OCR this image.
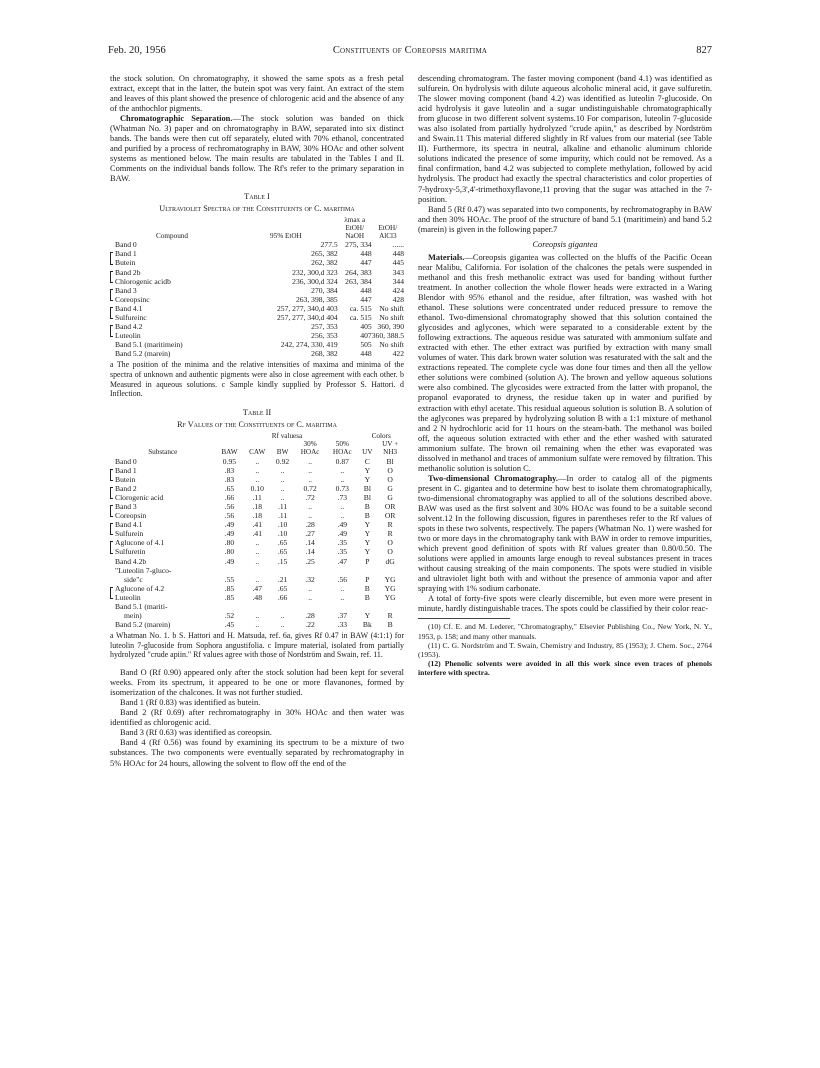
Feb. 20, 1956	Constituents of Coreopsis maritima	827

the stock solution. On chromatography, it showed the same spots as a fresh petal extract, except that in the latter, the butein spot was very faint. An extract of the stem and leaves of this plant showed the presence of chlorogenic acid and the absence of any of the anthochlor pigments.

Chromatographic Separation.—The stock solution was banded on thick (Whatman No. 3) paper and on chromatography in BAW, separated into six distinct bands. The bands were then cut off separately, eluted with 70% ethanol, concentrated and purified by a process of rechromatography in BAW, 30% HOAc and other solvent systems as mentioned below. The main results are tabulated in the Tables I and II. Comments on the individual bands follow. The Rf's refer to the primary separation in BAW.

Table I
Ultraviolet Spectra of the Constituents of C. maritima
		λmax a	
Compound	95% EtOH	EtOH/ NaOH	EtOH/ AlCl3
Band 0	277.5	275, 334	......
Band 1	265, 382	448	448
Butein	262, 382	447	445
Band 2b	232, 300,d 323	264, 383	343
Chlorogenic acidb	236, 300,d 324	263, 384	344
Band 3	270, 384	448	424
Coreopsinc	263, 398, 385	447	428
Band 4.1	257, 277, 340,d 403	ca. 515	No shift
Sulfureinc	257, 277, 340,d 404	ca. 515	No shift
Band 4.2	257, 353	405	360, 390
Luteolin	256, 353	407	360, 388.5
Band 5.1 (maritimein)	242, 274, 330, 419	505	No shift
Band 5.2 (marein)	268, 382	448	422

a The position of the minima and the relative intensities of maxima and minima of the spectra of unknown and authentic pigments were also in close agreement with each other. b Measured in aqueous solutions. c Sample kindly supplied by Professor S. Hattori. d Inflection.

Table II
Rf Values of the Constituents of C. maritima
	Rf valuesa					Colors	
				30%	50%		UV +
Substance	BAW	CAW	BW	HOAc	HOAc	UV	NH3
Band 0	0.95	..	0.92	..	0.87	C	Bl
Band 1	.83	..	..	..	..	Y	O
Butein	.83	..	..	..	..	Y	O
Band 2	.65	0.10	..	0.72	0.73	Bl	G
Clorogenic acid	.66	.11	..	.72	.73	Bl	G
Band 3	.56	.18	.11	..	..	B	OR
Coreopsin	.56	.18	.11	..	..	B	OR
Band 4.1	.49	.41	.10	.28	.49	Y	R
Sulfurein	.49	.41	.10	.27	.49	Y	R
Aglucone of 4.1	.80	..	.65	.14	.35	Y	O
Sulfuretin	.80	..	.65	.14	.35	Y	O
Band 4.2b	.49	..	.15	.25	.47	P	dG
"Luteolin 7-gluco-							
side"c	.55	..	.21	.32	.56	P	YG
Aglucone of 4.2	.85	.47	.65	..	..	B	YG
Luteolin	.85	.48	.66	..	..	B	YG
Band 5.1 (mariti-							
mein)	.52	..	..	.28	.37	Y	R
Band 5.2 (marein)	.45	..	..	.22	.33	Bk	B

a Whatman No. 1. b S. Hattori and H. Matsuda, ref. 6a, gives Rf 0.47 in BAW (4:1:1) for luteolin 7-glucoside from Sophora angustifolia. c Impure material, isolated from partially hydrolyzed "crude apiin." Rf values agree with those of Nordström and Swain, ref. 11.

Band O (Rf 0.90) appeared only after the stock solution had been kept for several weeks. From its spectrum, it appeared to be one or more flavanones, formed by isomerization of the chalcones. It was not further studied.

Band 1 (Rf 0.83) was identified as butein.

Band 2 (Rf 0.69) after rechromatography in 30% HOAc and then water was identified as chlorogenic acid.

Band 3 (Rf 0.63) was identified as coreopsin.

Band 4 (Rf 0.56) was found by examining its spectrum to be a mixture of two substances. The two components were eventually separated by rechromatography in 5% HOAc for 24 hours, allowing the solvent to flow off the end of the

descending chromatogram. The faster moving component (band 4.1) was identified as sulfurein. On hydrolysis with dilute aqueous alcoholic mineral acid, it gave sulfuretin. The slower moving component (band 4.2) was identified as luteolin 7-glucoside. On acid hydrolysis it gave luteolin and a sugar undistinguishable chromatographically from glucose in two different solvent systems.10 For comparison, luteolin 7-glucoside was also isolated from partially hydrolyzed "crude apiin," as described by Nordström and Swain.11 This material differed slightly in Rf values from our material (see Table II). Furthermore, its spectra in neutral, alkaline and ethanolic aluminum chloride solutions indicated the presence of some impurity, which could not be removed. As a final confirmation, band 4.2 was subjected to complete methylation, followed by acid hydrolysis. The product had exactly the spectral characteristics and color properties of 7-hydroxy-5,3',4'-trimethoxyflavone,11 proving that the sugar was attached in the 7-position.

Band 5 (Rf 0.47) was separated into two components, by rechromatography in BAW and then 30% HOAc. The proof of the structure of band 5.1 (maritimein) and band 5.2 (marein) is given in the following paper.7

Coreopsis gigantea

Materials.—Coreopsis gigantea was collected on the bluffs of the Pacific Ocean near Malibu, California. For isolation of the chalcones the petals were suspended in methanol and this fresh methanolic extract was used for banding without further treatment. In another collection the whole flower heads were extracted in a Waring Blendor with 95% ethanol and the residue, after filtration, was washed with hot ethanol. These solutions were concentrated under reduced pressure to remove the ethanol. Two-dimensional chromatography showed that this solution contained the glycosides and aglycones, which were separated to a considerable extent by the following extractions. The aqueous residue was saturated with ammonium sulfate and extracted with ether. The ether extract was purified by extraction with many small volumes of water. This dark brown water solution was resaturated with the salt and the extractions repeated. The complete cycle was done four times and then all the yellow ether solutions were combined (solution A). The brown and yellow aqueous solutions were also combined. The glycosides were extracted from the latter with propanol, the propanol evaporated to dryness, the residue taken up in water and purified by extraction with ethyl acetate. This residual aqueous solution is solution B. A solution of the aglycones was prepared by hydrolyzing solution B with a 1:1 mixture of methanol and 2 N hydrochloric acid for 11 hours on the steam-bath. The methanol was boiled off, the aqueous solution extracted with ether and the ether washed with saturated ammonium sulfate. The brown oil remaining when the ether was evaporated was dissolved in methanol and traces of ammonium sulfate were removed by filtration. This methanolic solution is solution C.

Two-dimensional Chromatography.—In order to catalog all of the pigments present in C. gigantea and to determine how best to isolate them chromatographically, two-dimensional chromatography was applied to all of the solutions described above. BAW was used as the first solvent and 30% HOAc was found to be a suitable second solvent.12 In the following discussion, figures in parentheses refer to the Rf values of spots in these two solvents, respectively. The papers (Whatman No. 1) were washed for two or more days in the chromatography tank with BAW in order to remove impurities, which prevent good definition of spots with Rf values greater than 0.80/0.50. The solutions were applied in amounts large enough to reveal substances present in traces without causing streaking of the main components. The spots were studied in visible and ultraviolet light both with and without the presence of ammonia vapor and after spraying with 1% sodium carbonate.

A total of forty-five spots were clearly discernible, but even more were present in minute, hardly distinguishable traces. The spots could be classified by their color reac-

(10) Cf. E. and M. Lederer, "Chromatography," Elsevier Publishing Co., New York, N. Y., 1953, p. 158; and many other manuals.

(11) C. G. Nordström and T. Swain, Chemistry and Industry, 85 (1953); J. Chem. Soc., 2764 (1953).

(12) Phenolic solvents were avoided in all this work since even traces of phenols interfere with spectra.
